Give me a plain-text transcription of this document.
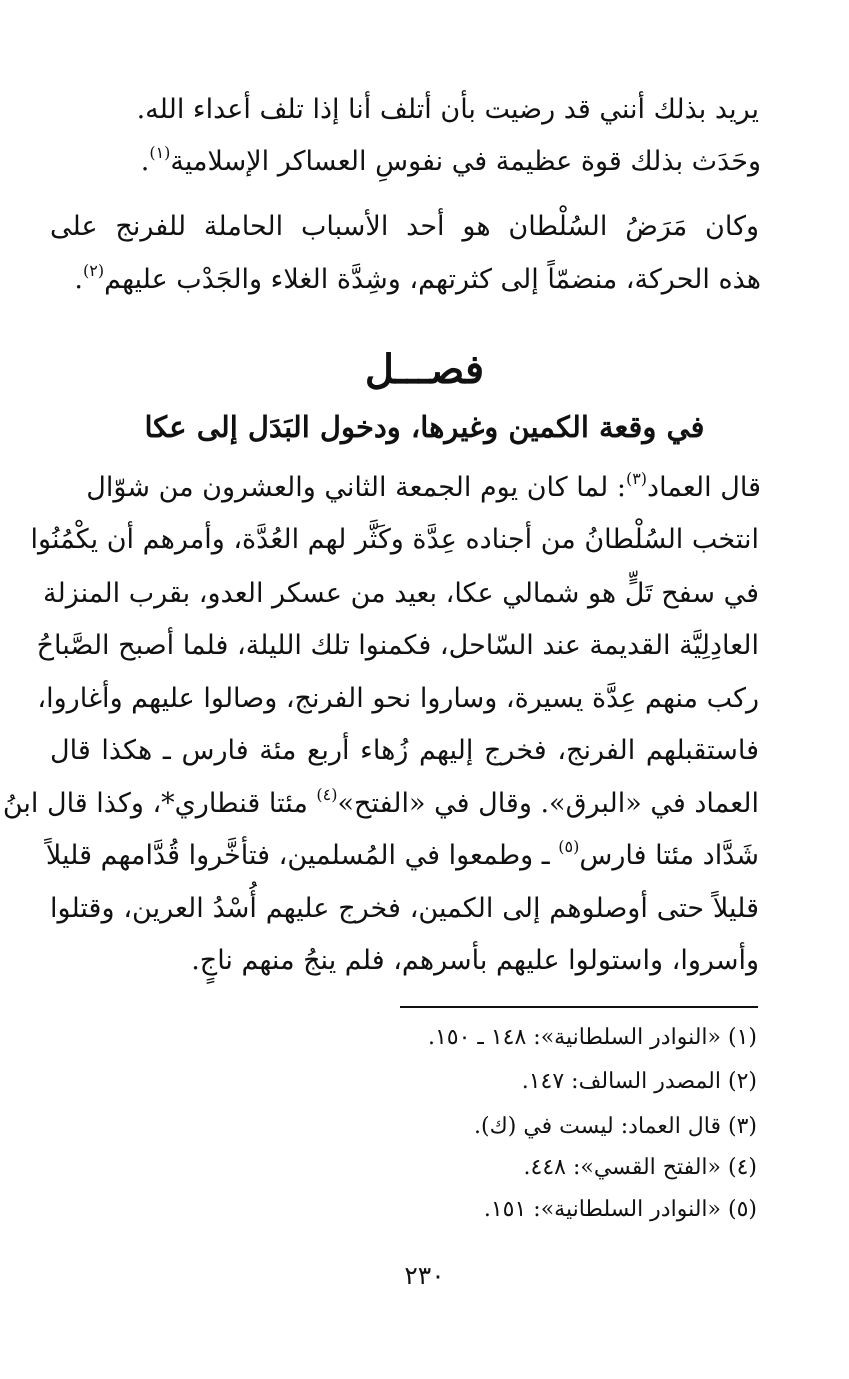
يريد بذلك أنني قد رضيت بأن أتلف أنا إذا تلف أعداء الله.
وحَدَث بذلك قوة عظيمة في نفوسِ العساكر الإسلامية$^{(١)}$.
وكان مَرَضُ السُلْطان هو أحد الأسباب الحاملة للفرنج على
هذه الحركة، منضمّاً إلى كثرتهم، وشِدَّة الغلاء والجَدْب عليهم$^{(٢)}$.
فصـــل
في وقعة الكمين وغيرها، ودخول البَدَل إلى عكا
قال العماد$^{(٣)}$: لما كان يوم الجمعة الثاني والعشرون من شوّال
انتخب السُلْطانُ من أجناده عِدَّة وكَثَّر لهم العُدَّة، وأمرهم أن يكْمُنُوا
في سفح تَلٍّ هو شمالي عكا، بعيد من عسكر العدو، بقرب المنزلة
العادِلِيَّة القديمة عند السّاحل، فكمنوا تلك الليلة، فلما أصبح الصَّباحُ
ركب منهم عِدَّة يسيرة، وساروا نحو الفرنج، وصالوا عليهم وأغاروا،
فاستقبلهم الفرنج، فخرج إليهم زُهاء أربع مئة فارس ـ هكذا قال
العماد في «البرق». وقال في «الفتح»$^{(٤)}$ مئتا قنطاري*، وكذا قال ابنُ
شَدَّاد مئتا فارس$^{(٥)}$ ـ وطمعوا في المُسلمين، فتأخَّروا قُدَّامهم قليلاً
قليلاً حتى أوصلوهم إلى الكمين، فخرج عليهم أُسْدُ العرين، وقتلوا
وأسروا، واستولوا عليهم بأسرهم، فلم ينجُ منهم ناجٍ.
(١) «النوادر السلطانية»: ١٤٨ ـ ١٥٠.
(٢) المصدر السالف: ١٤٧.
(٣) قال العماد: ليست في (ك).
(٤) «الفتح القسي»: ٤٤٨.
(٥) «النوادر السلطانية»: ١٥١.
٢٣٠
